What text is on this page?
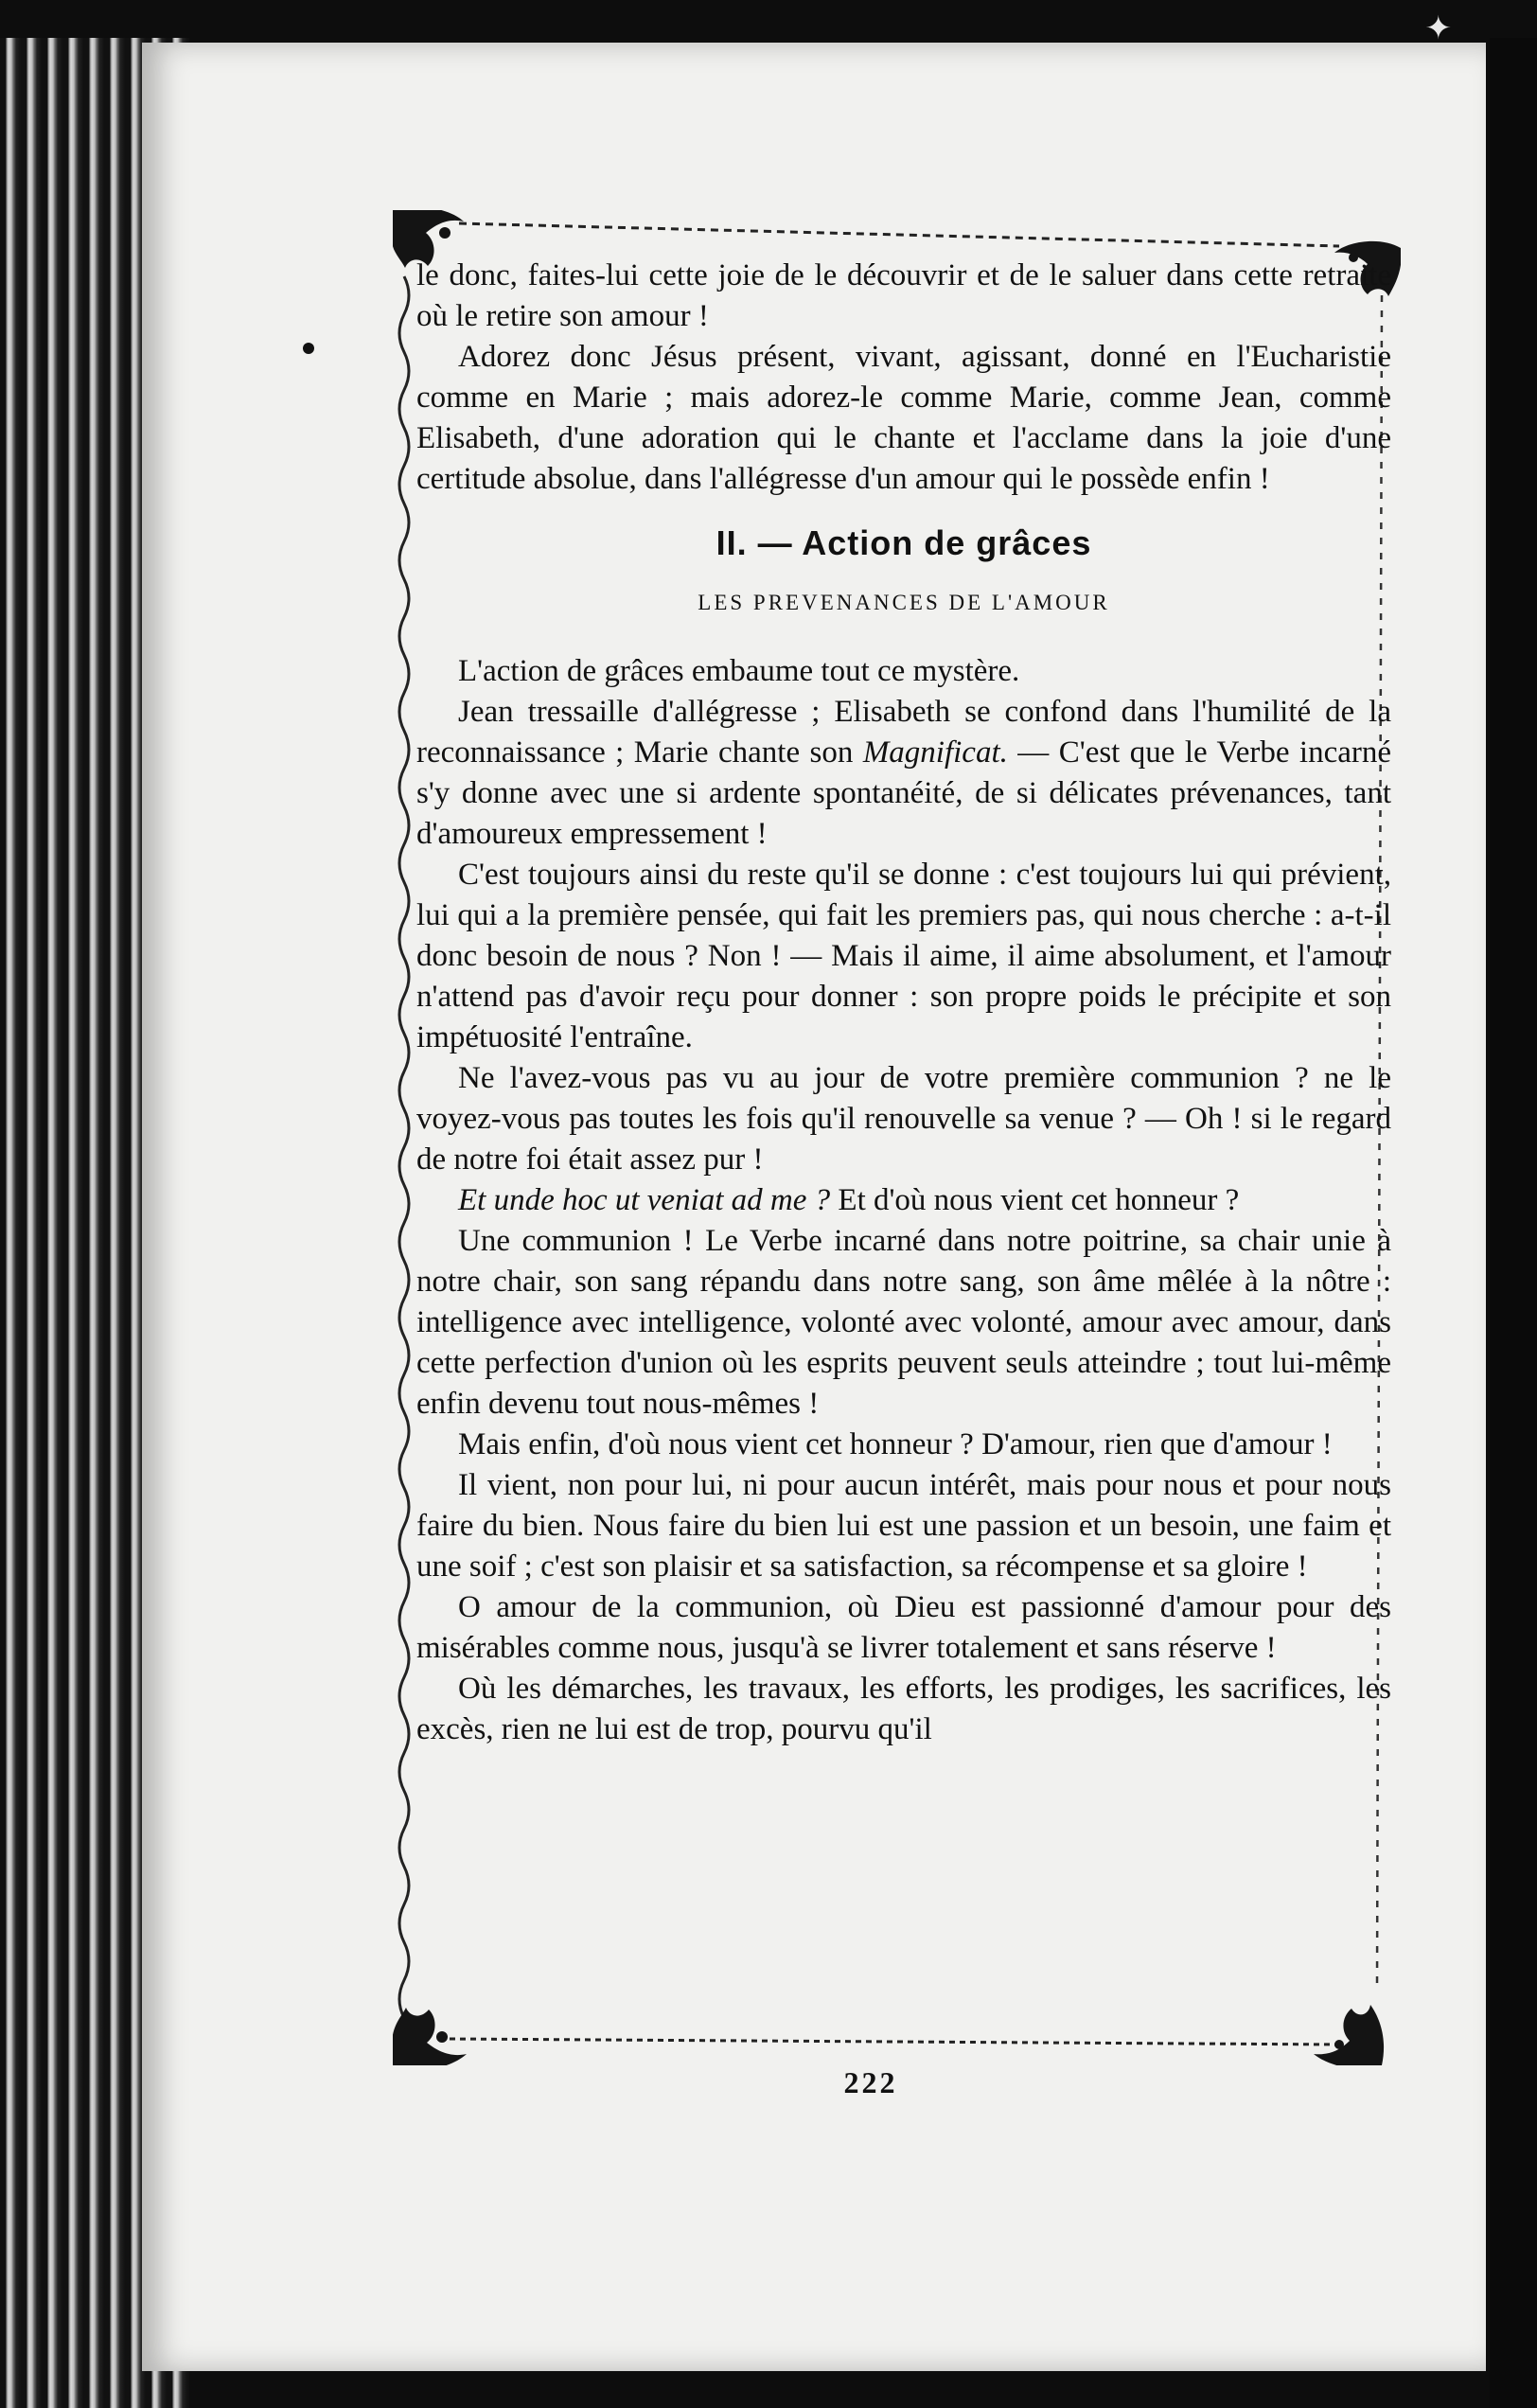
✦

le donc, faites-lui cette joie de le découvrir et de le saluer dans cette retraite où le retire son amour !

Adorez donc Jésus présent, vivant, agissant, donné en l'Eucharistie comme en Marie ; mais adorez-le comme Marie, comme Jean, comme Elisabeth, d'une adoration qui le chante et l'acclame dans la joie d'une certitude absolue, dans l'allégresse d'un amour qui le possède enfin !

II. — Action de grâces
LES PREVENANCES DE L'AMOUR

L'action de grâces embaume tout ce mystère.

Jean tressaille d'allégresse ; Elisabeth se confond dans l'humilité de la reconnaissance ; Marie chante son Magnificat. — C'est que le Verbe incarné s'y donne avec une si ardente spontanéité, de si délicates prévenances, tant d'amoureux empressement !

C'est toujours ainsi du reste qu'il se donne : c'est toujours lui qui prévient, lui qui a la première pensée, qui fait les premiers pas, qui nous cherche : a-t-il donc besoin de nous ? Non ! — Mais il aime, il aime absolument, et l'amour n'attend pas d'avoir reçu pour donner : son propre poids le précipite et son impétuosité l'entraîne.

Ne l'avez-vous pas vu au jour de votre première communion ? ne le voyez-vous pas toutes les fois qu'il renouvelle sa venue ? — Oh ! si le regard de notre foi était assez pur !

Et unde hoc ut veniat ad me ? Et d'où nous vient cet honneur ?

Une communion ! Le Verbe incarné dans notre poitrine, sa chair unie à notre chair, son sang répandu dans notre sang, son âme mêlée à la nôtre : intelligence avec intelligence, volonté avec volonté, amour avec amour, dans cette perfection d'union où les esprits peuvent seuls atteindre ; tout lui-même enfin devenu tout nous-mêmes !

Mais enfin, d'où nous vient cet honneur ? D'amour, rien que d'amour !

Il vient, non pour lui, ni pour aucun intérêt, mais pour nous et pour nous faire du bien. Nous faire du bien lui est une passion et un besoin, une faim et une soif ; c'est son plaisir et sa satisfaction, sa récompense et sa gloire !

O amour de la communion, où Dieu est passionné d'amour pour des misérables comme nous, jusqu'à se livrer totalement et sans réserve !

Où les démarches, les travaux, les efforts, les prodiges, les sacrifices, les excès, rien ne lui est de trop, pourvu qu'il

222
